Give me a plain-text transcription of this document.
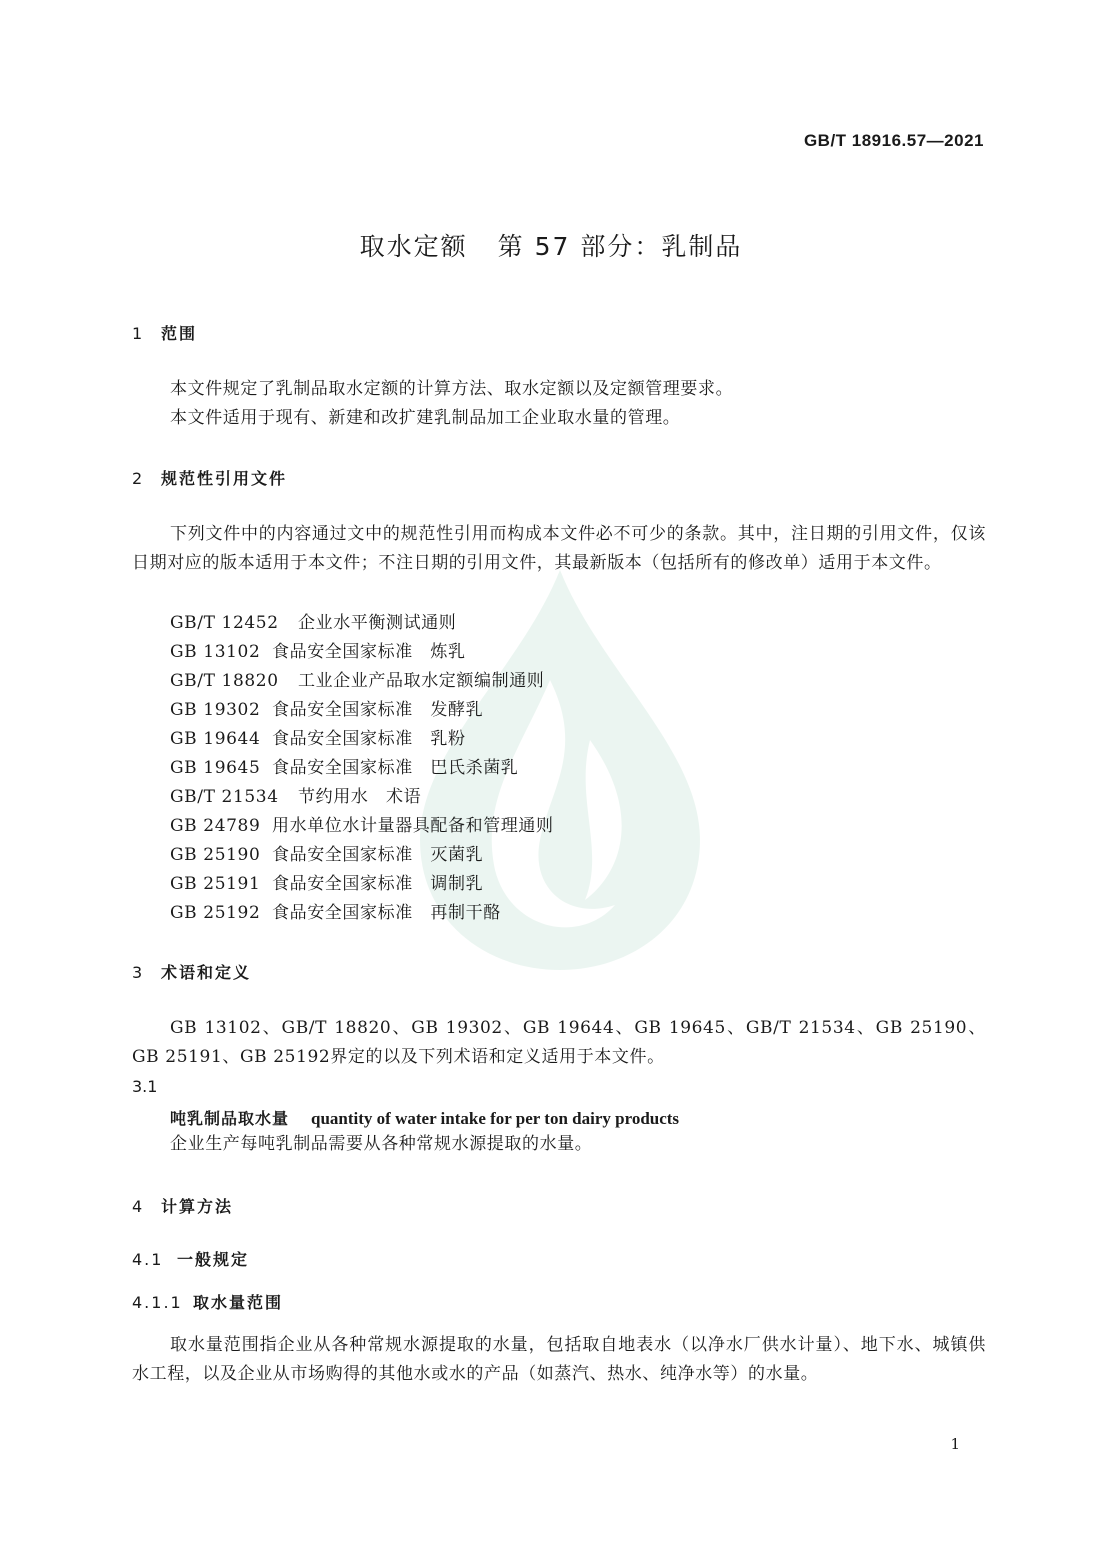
GB/T 18916.57—2021
取水定额 第 57 部分：乳制品
1 范围
本文件规定了乳制品取水定额的计算方法、取水定额以及定额管理要求。
本文件适用于现有、新建和改扩建乳制品加工企业取水量的管理。
2 规范性引用文件
下列文件中的内容通过文中的规范性引用而构成本文件必不可少的条款。其中，注日期的引用文件，仅该日期对应的版本适用于本文件；不注日期的引用文件，其最新版本（包括所有的修改单）适用于本文件。
GB/T 12452 企业水平衡测试通则
GB 13102 食品安全国家标准　炼乳
GB/T 18820 工业企业产品取水定额编制通则
GB 19302 食品安全国家标准　发酵乳
GB 19644 食品安全国家标准　乳粉
GB 19645 食品安全国家标准　巴氏杀菌乳
GB/T 21534 节约用水　术语
GB 24789 用水单位水计量器具配备和管理通则
GB 25190 食品安全国家标准　灭菌乳
GB 25191 食品安全国家标准　调制乳
GB 25192 食品安全国家标准　再制干酪
3 术语和定义
GB 13102、GB/T 18820、GB 19302、GB 19644、GB 19645、GB/T 21534、GB 25190、GB 25191、GB 25192界定的以及下列术语和定义适用于本文件。
3.1
吨乳制品取水量 quantity of water intake for per ton dairy products
企业生产每吨乳制品需要从各种常规水源提取的水量。
4 计算方法
4.1 一般规定
4.1.1 取水量范围
取水量范围指企业从各种常规水源提取的水量，包括取自地表水（以净水厂供水计量）、地下水、城镇供水工程，以及企业从市场购得的其他水或水的产品（如蒸汽、热水、纯净水等）的水量。
1
